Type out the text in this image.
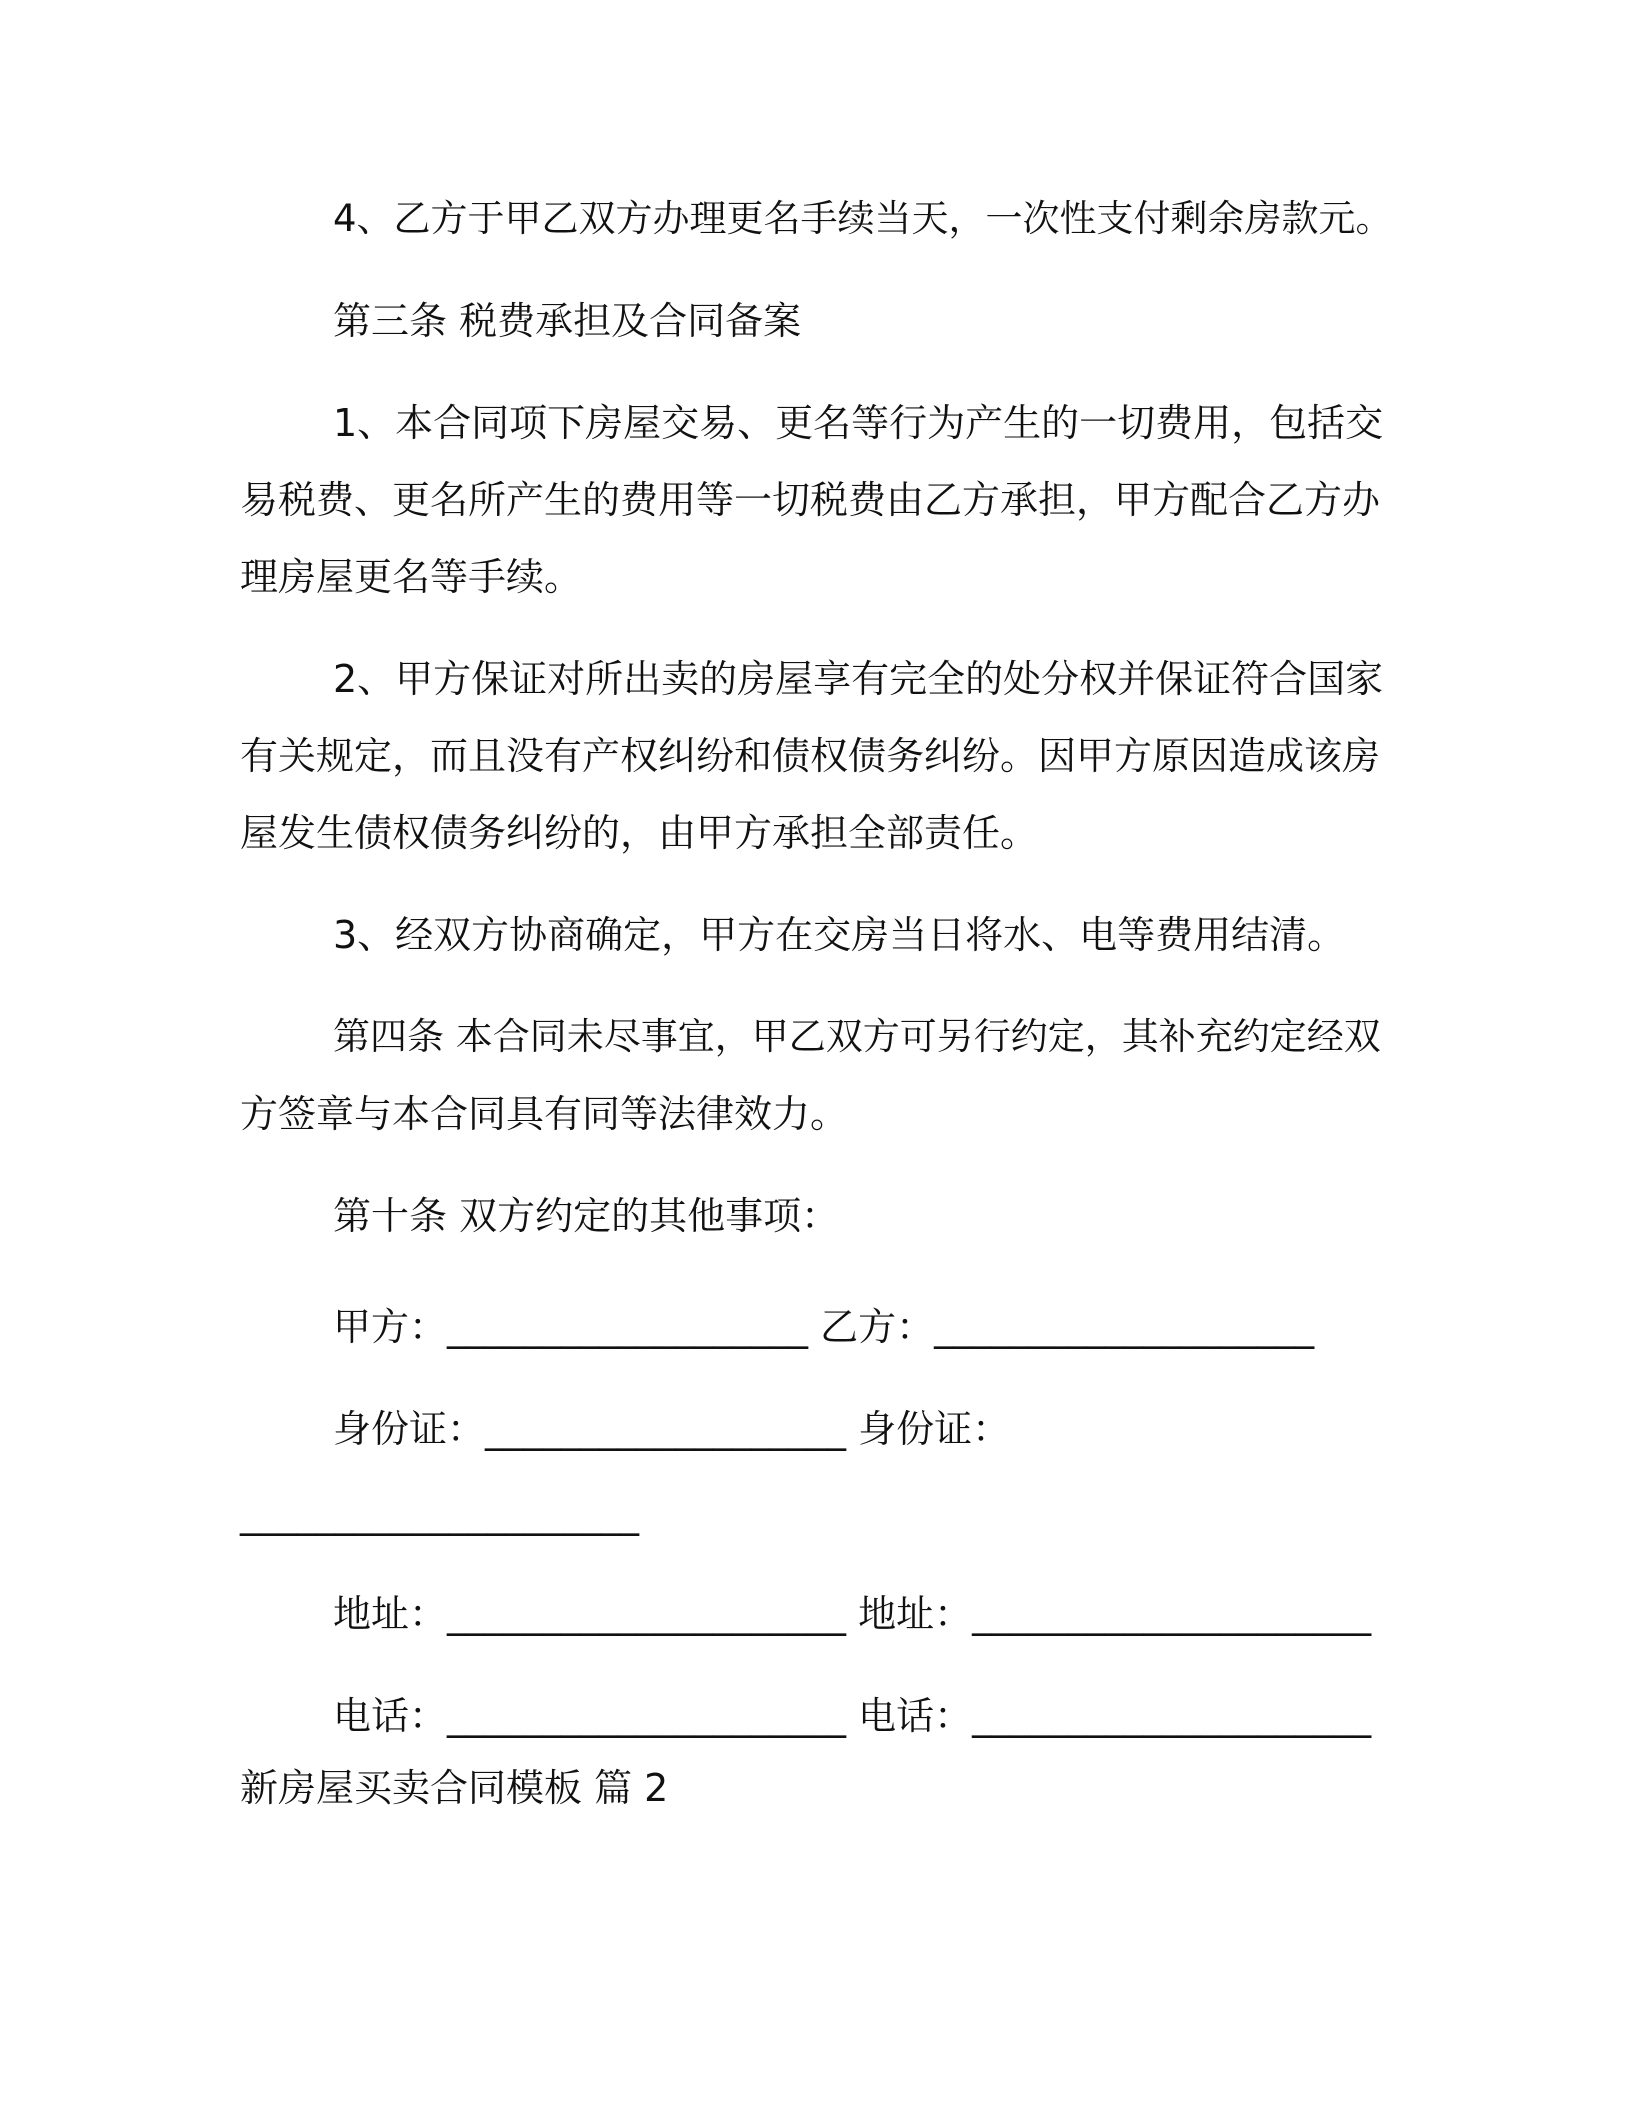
4、乙方于甲乙双方办理更名手续当天，一次性支付剩余房款元。

第三条 税费承担及合同备案

1、本合同项下房屋交易、更名等行为产生的一切费用，包括交

易税费、更名所产生的费用等一切税费由乙方承担，甲方配合乙方办

理房屋更名等手续。

2、甲方保证对所出卖的房屋享有完全的处分权并保证符合国家

有关规定，而且没有产权纠纷和债权债务纠纷。因甲方原因造成该房

屋发生债权债务纠纷的，由甲方承担全部责任。

3、经双方协商确定，甲方在交房当日将水、电等费用结清。

第四条 本合同未尽事宜，甲乙双方可另行约定，其补充约定经双

方签章与本合同具有同等法律效力。

第十条 双方约定的其他事项：

甲方：___________________ 乙方：____________________

身份证：___________________ 身份证：

_____________________

地址：_____________________ 地址：_____________________

电话：_____________________ 电话：_____________________

新房屋买卖合同模板 篇 2
